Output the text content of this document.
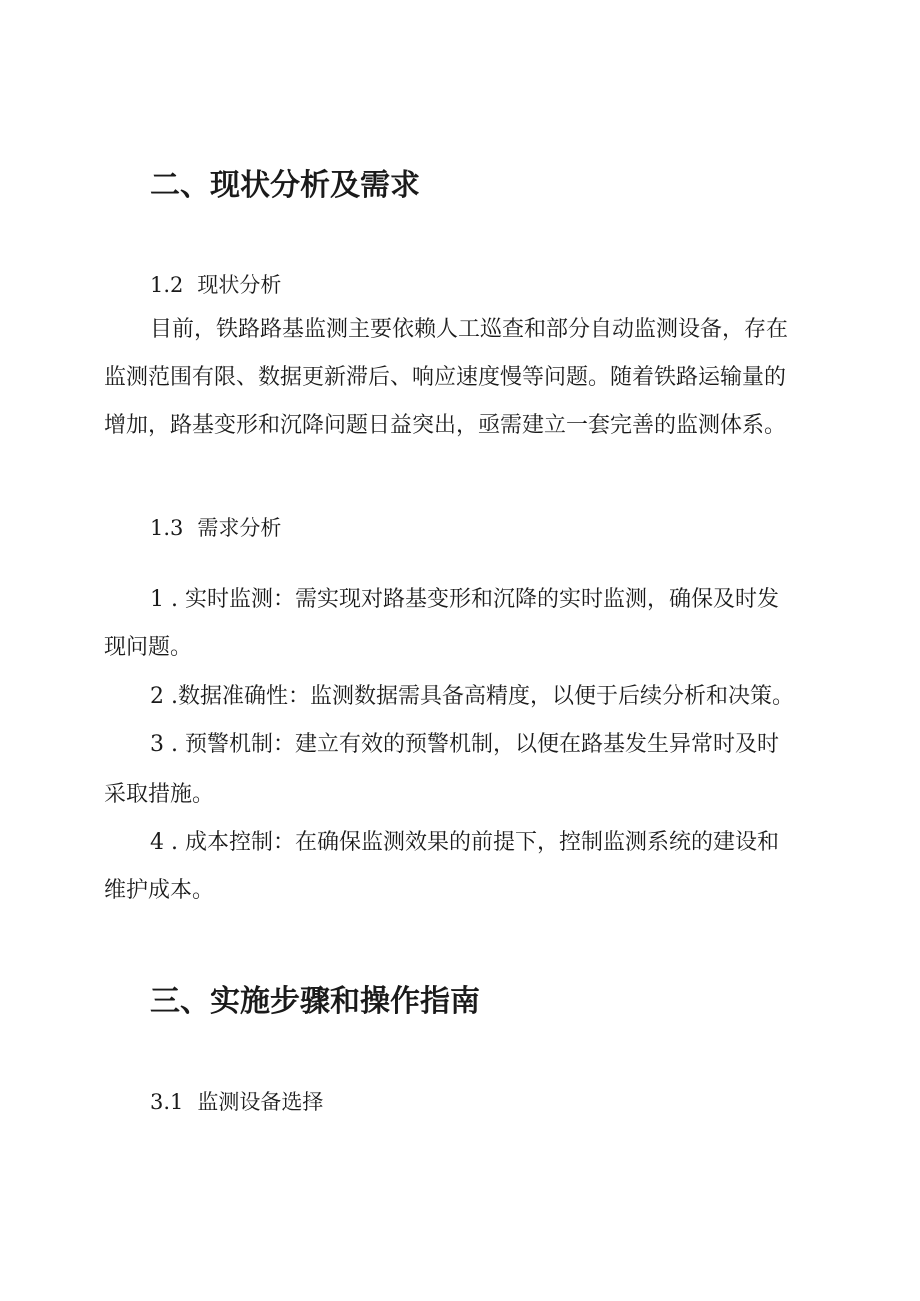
二、现状分析及需求
1.2 现状分析
目前，铁路路基监测主要依赖人工巡查和部分自动监测设备，存在
监测范围有限、数据更新滞后、响应速度慢等问题。随着铁路运输量的
增加，路基变形和沉降问题日益突出，亟需建立一套完善的监测体系。
1.3 需求分析
1 . 实时监测：需实现对路基变形和沉降的实时监测，确保及时发
现问题。
2 .数据准确性：监测数据需具备高精度，以便于后续分析和决策。
3 . 预警机制：建立有效的预警机制，以便在路基发生异常时及时
采取措施。
4 . 成本控制：在确保监测效果的前提下，控制监测系统的建设和
维护成本。
三、实施步骤和操作指南
3.1 监测设备选择
